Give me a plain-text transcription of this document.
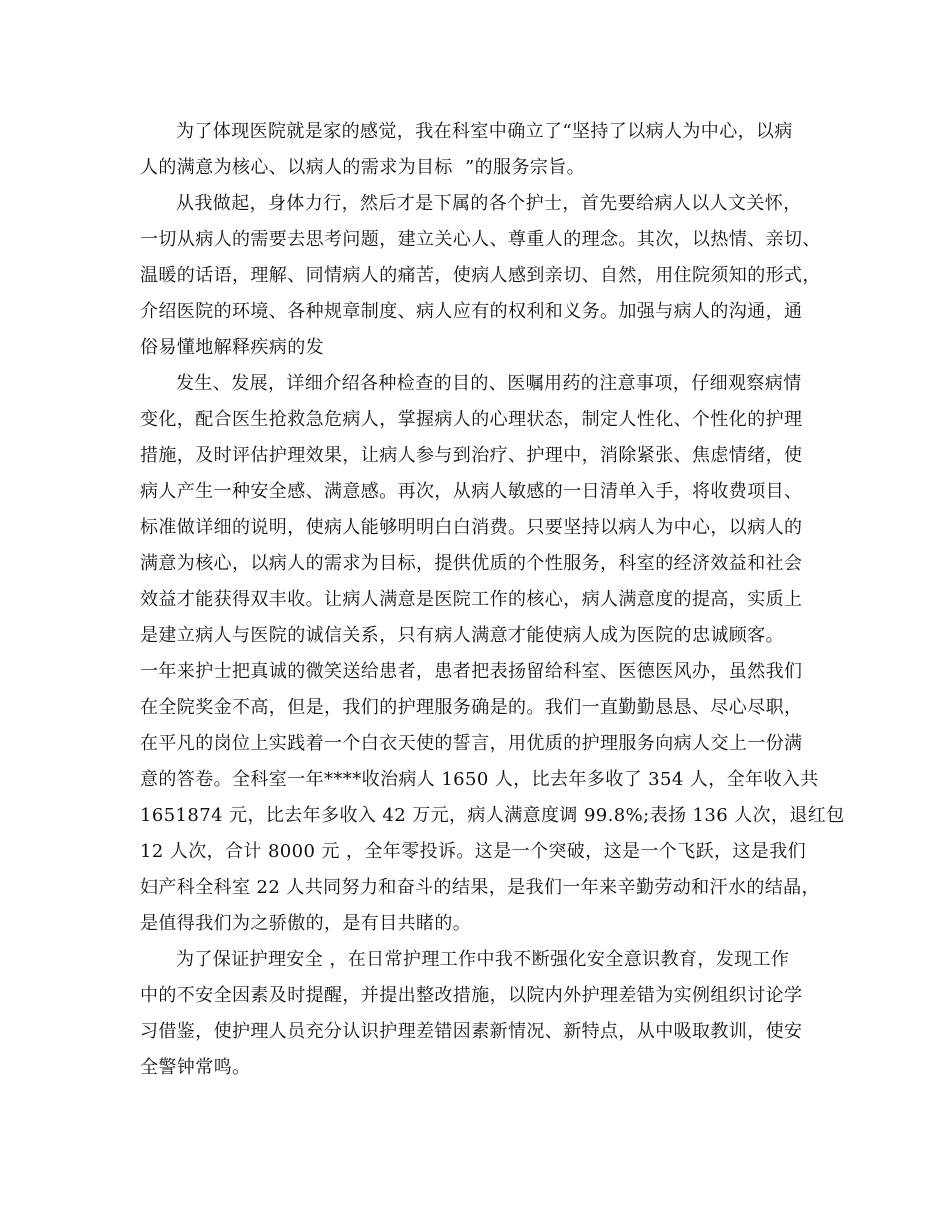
为了体现医院就是家的感觉，我在科室中确立了“坚持了以病人为中心，以病
人的满意为核心、以病人的需求为目标  ”的服务宗旨。
从我做起，身体力行，然后才是下属的各个护士，首先要给病人以人文关怀，
一切从病人的需要去思考问题，建立关心人、尊重人的理念。其次，以热情、亲切、
温暖的话语，理解、同情病人的痛苦，使病人感到亲切、自然，用住院须知的形式，
介绍医院的环境、各种规章制度、病人应有的权利和义务。加强与病人的沟通，通
俗易懂地解释疾病的发
发生、发展，详细介绍各种检查的目的、医嘱用药的注意事项，仔细观察病情
变化，配合医生抢救急危病人，掌握病人的心理状态，制定人性化、个性化的护理
措施，及时评估护理效果，让病人参与到治疗、护理中，消除紧张、焦虑情绪，使
病人产生一种安全感、满意感。再次，从病人敏感的一日清单入手，将收费项目、
标准做详细的说明，使病人能够明明白白消费。只要坚持以病人为中心，以病人的
满意为核心，以病人的需求为目标，提供优质的个性服务，科室的经济效益和社会
效益才能获得双丰收。让病人满意是医院工作的核心，病人满意度的提高，实质上
是建立病人与医院的诚信关系，只有病人满意才能使病人成为医院的忠诚顾客。
一年来护士把真诚的微笑送给患者，患者把表扬留给科室、医德医风办，虽然我们
在全院奖金不高，但是，我们的护理服务确是的。我们一直勤勤恳恳、尽心尽职，
在平凡的岗位上实践着一个白衣天使的誓言，用优质的护理服务向病人交上一份满
意的答卷。全科室一年****收治病人 1650 人，比去年多收了 354 人，全年收入共
1651874 元，比去年多收入 42 万元，病人满意度调 99.8%;表扬 136 人次，退红包
12 人次，合计 8000 元 ，全年零投诉。这是一个突破，这是一个飞跃，这是我们
妇产科全科室 22 人共同努力和奋斗的结果，是我们一年来辛勤劳动和汗水的结晶，
是值得我们为之骄傲的，是有目共睹的。
为了保证护理安全 ，在日常护理工作中我不断强化安全意识教育，发现工作
中的不安全因素及时提醒，并提出整改措施，以院内外护理差错为实例组织讨论学
习借鉴，使护理人员充分认识护理差错因素新情况、新特点，从中吸取教训，使安
全警钟常鸣。
